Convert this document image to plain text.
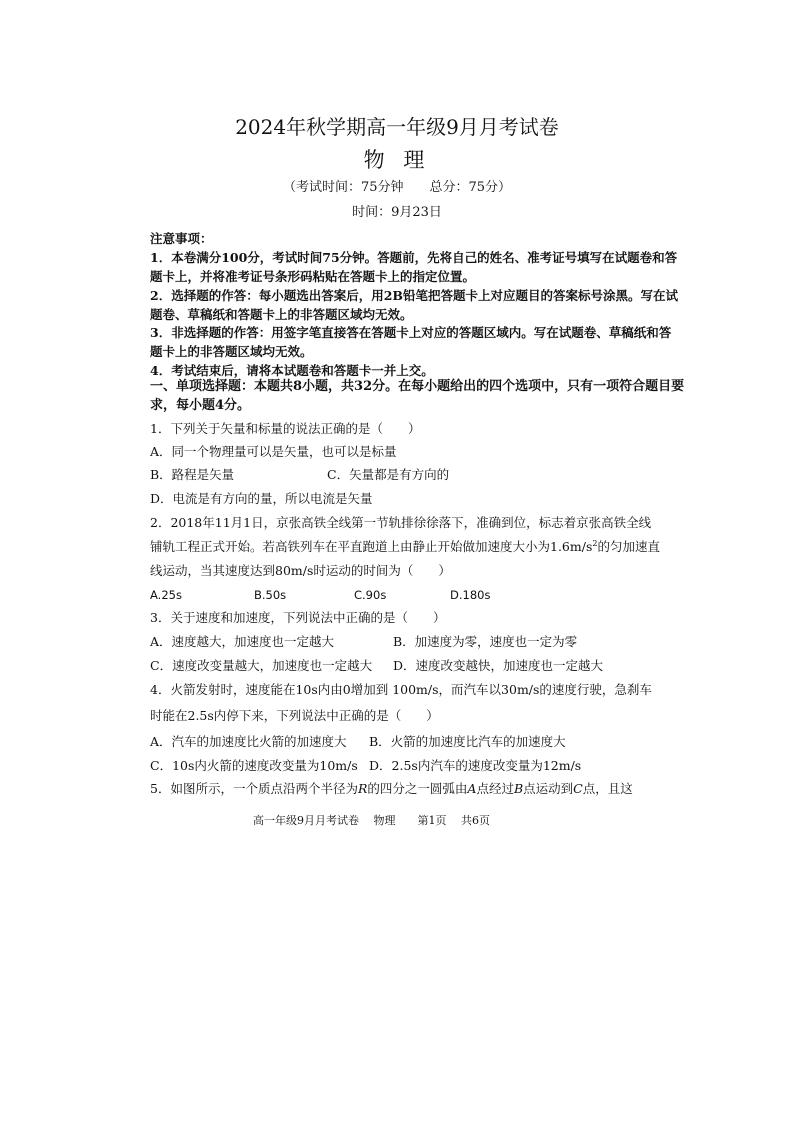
2024年秋学期高一年级9月月考试卷
物 理
（考试时间：75分钟　　总分：75分）
时间：9月23日
注意事项：
1．本卷满分100分，考试时间75分钟。答题前，先将自己的姓名、准考证号填写在试题卷和答
题卡上，并将准考证号条形码粘贴在答题卡上的指定位置。
2．选择题的作答：每小题选出答案后，用2B铅笔把答题卡上对应题目的答案标号涂黑。写在试
题卷、草稿纸和答题卡上的非答题区域均无效。
3．非选择题的作答：用签字笔直接答在答题卡上对应的答题区域内。写在试题卷、草稿纸和答
题卡上的非答题区域均无效。
4．考试结束后，请将本试题卷和答题卡一并上交。
一、单项选择题：本题共8小题，共32分。在每小题给出的四个选项中，只有一项符合题目要
求，每小题4分。
1．下列关于矢量和标量的说法正确的是（　　）
A．同一个物理量可以是矢量，也可以是标量
B．路程是矢量	C．矢量都是有方向的
D．电流是有方向的量，所以电流是矢量
2．2018年11月1日，京张高铁全线第一节轨排徐徐落下，准确到位，标志着京张高铁全线
铺轨工程正式开始。若高铁列车在平直跑道上由静止开始做加速度大小为$1.6m/s^2$的匀加速直
线运动，当其速度达到80m/s时运动的时间为（　　）
A.25s	B.50s	C.90s	D.180s
3．关于速度和加速度，下列说法中正确的是（　　）
A．速度越大，加速度也一定越大	B．加速度为零，速度也一定为零
C．速度改变量越大，加速度也一定越大 D．速度改变越快，加速度也一定越大
4．火箭发射时，速度能在10s内由0增加到 100m/s，而汽车以30m/s的速度行驶，急刹车
时能在2.5s内停下来，下列说法中正确的是（　　）
A．汽车的加速度比火箭的加速度大 B．火箭的加速度比汽车的加速度大
C．10s内火箭的速度改变量为10m/s D．2.5s内汽车的速度改变量为12m/s
5．如图所示，一个质点沿两个半径为R的四分之一圆弧由A点经过B点运动到C点，且这
高一年级9月月考试卷　 物理　　第1页　 共6页
